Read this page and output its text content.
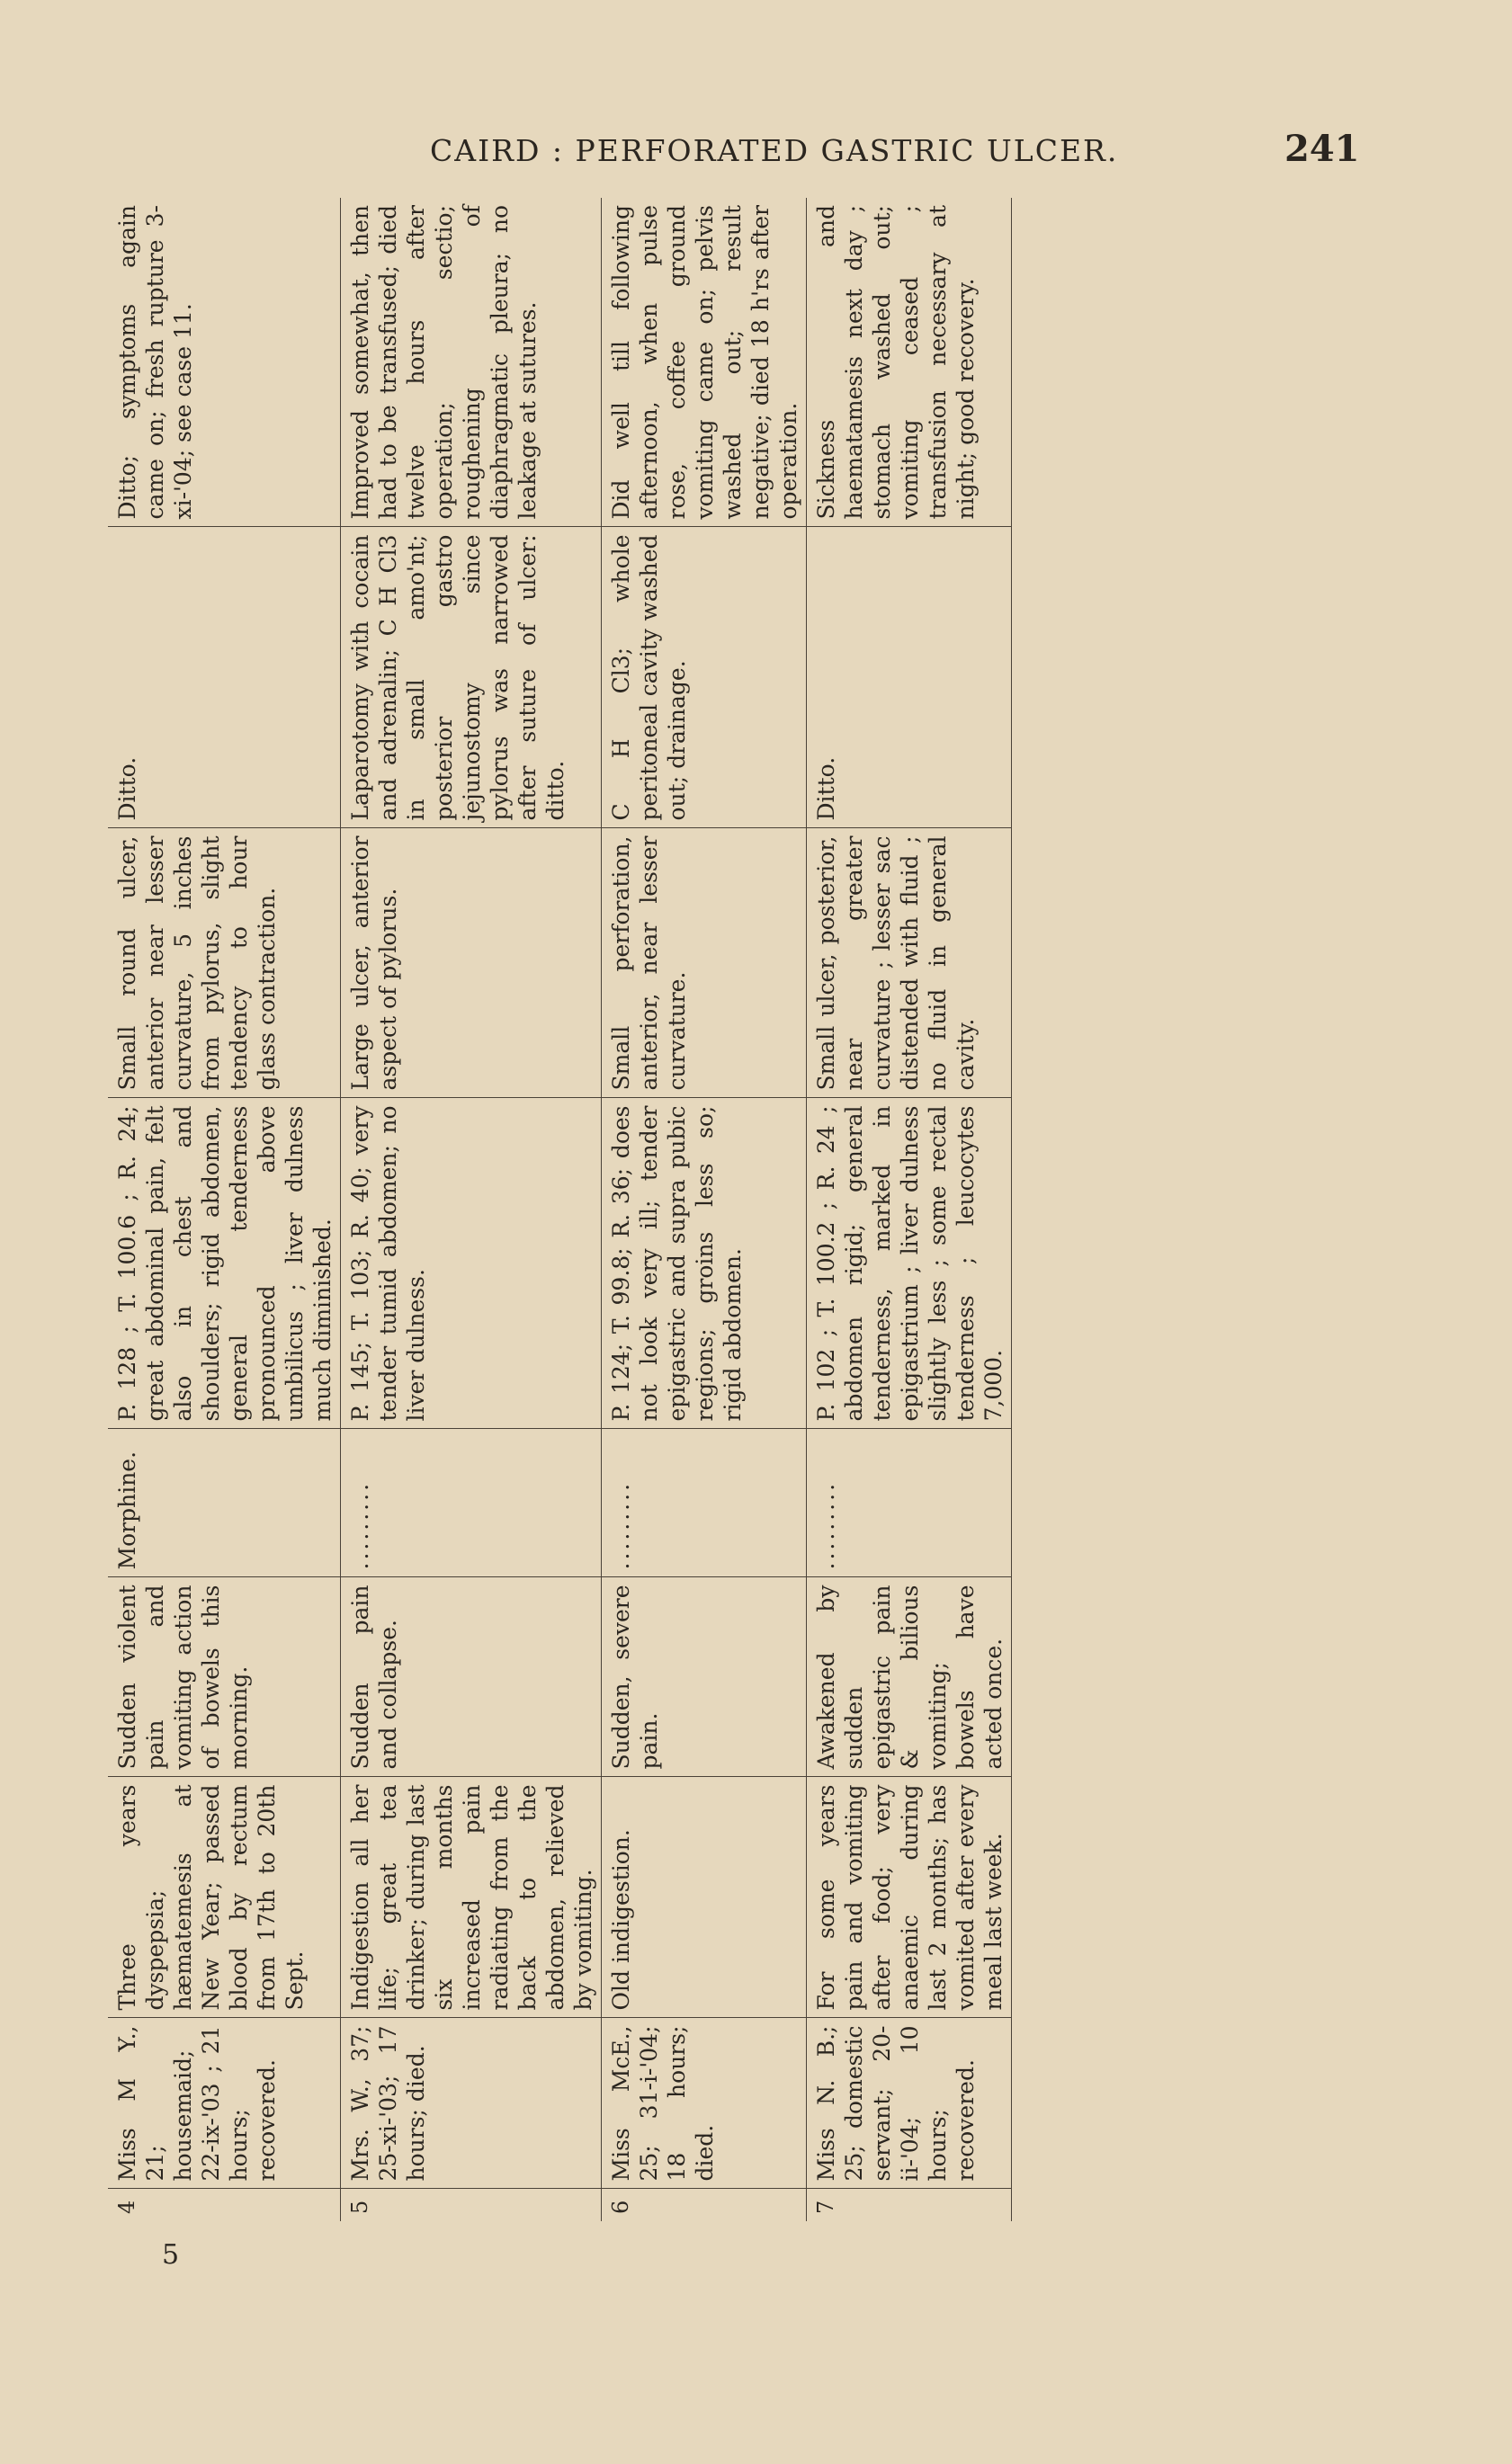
CAIRD : PERFORATED GASTRIC ULCER.	241
5
4	Miss M Y., 21; housemaid; 22-ix-'03 ; 21 hours; recovered.	Three years dyspepsia; hæmatemesis at New Year; passed blood by rectum from 17th to 20th Sept.	Sudden violent pain and vomiting action of bowels this morning.	Morphine.	P. 128 ; T. 100.6 ; R. 24; great abdominal pain, felt also in chest and shoulders; rigid abdomen, general tenderness pronounced above umbilicus ; liver dulness much diminished.	Small round ulcer, anterior near lesser curvature, 5 inches from pylorus, slight tendency to hour glass contraction.	Ditto.	Ditto; symptoms again came on; fresh rupture 3-xi-'04; see case 11.
5	Mrs. W., 37; 25-xi-'03; 17 hours; died.	Indigestion all her life; great tea drinker; during last six months increased pain radiating from the back to the abdomen, relieved by vomiting.	Sudden pain and collapse.	.........	P. 145; T. 103; R. 40; very tender tumid abdomen; no liver dulness.	Large ulcer, anterior aspect of pylorus.	Laparotomy with cocain and adrenalin; C H Cl3 in small amo'nt; posterior gastro jejunostomy since pylorus was narrowed after suture of ulcer: ditto.	Improved somewhat, then had to be transfused; died twelve hours after operation; sectio; roughening of diaphragmatic pleura; no leakage at sutures.
6	Miss McE., 25; 31-i-'04; 18 hours; died.	Old indigestion.	Sudden, severe pain.	.........	P. 124; T. 99.8; R. 36; does not look very ill; tender epigastric and supra pubic regions; groins less so; rigid abdomen.	Small perforation, anterior, near lesser curvature.	C H Cl3; whole peritoneal cavity washed out; drainage.	Did well till following afternoon, when pulse rose, coffee ground vomiting came on; pelvis washed out; result negative; died 18 h'rs after operation.
7	Miss N. B.; 25; domestic servant; 20-ii-'04; 10 hours; recovered.	For some years pain and vomiting after food; very anaemic during last 2 months; has vomited after every meal last week.	Awakened by sudden epigastric pain & bilious vomiting; bowels have acted once.	.........	P. 102 ; T. 100.2 ; R. 24 ; abdomen rigid; general tenderness, marked in epigastrium ; liver dulness slightly less ; some rectal tenderness ; leucocytes 7,000.	Small ulcer, posterior, near greater curvature ; lesser sac distended with fluid ; no fluid in general cavity.	Ditto.	Sickness and haematamesis next day ; stomach washed out; vomiting ceased ; transfusion necessary at night; good recovery.
